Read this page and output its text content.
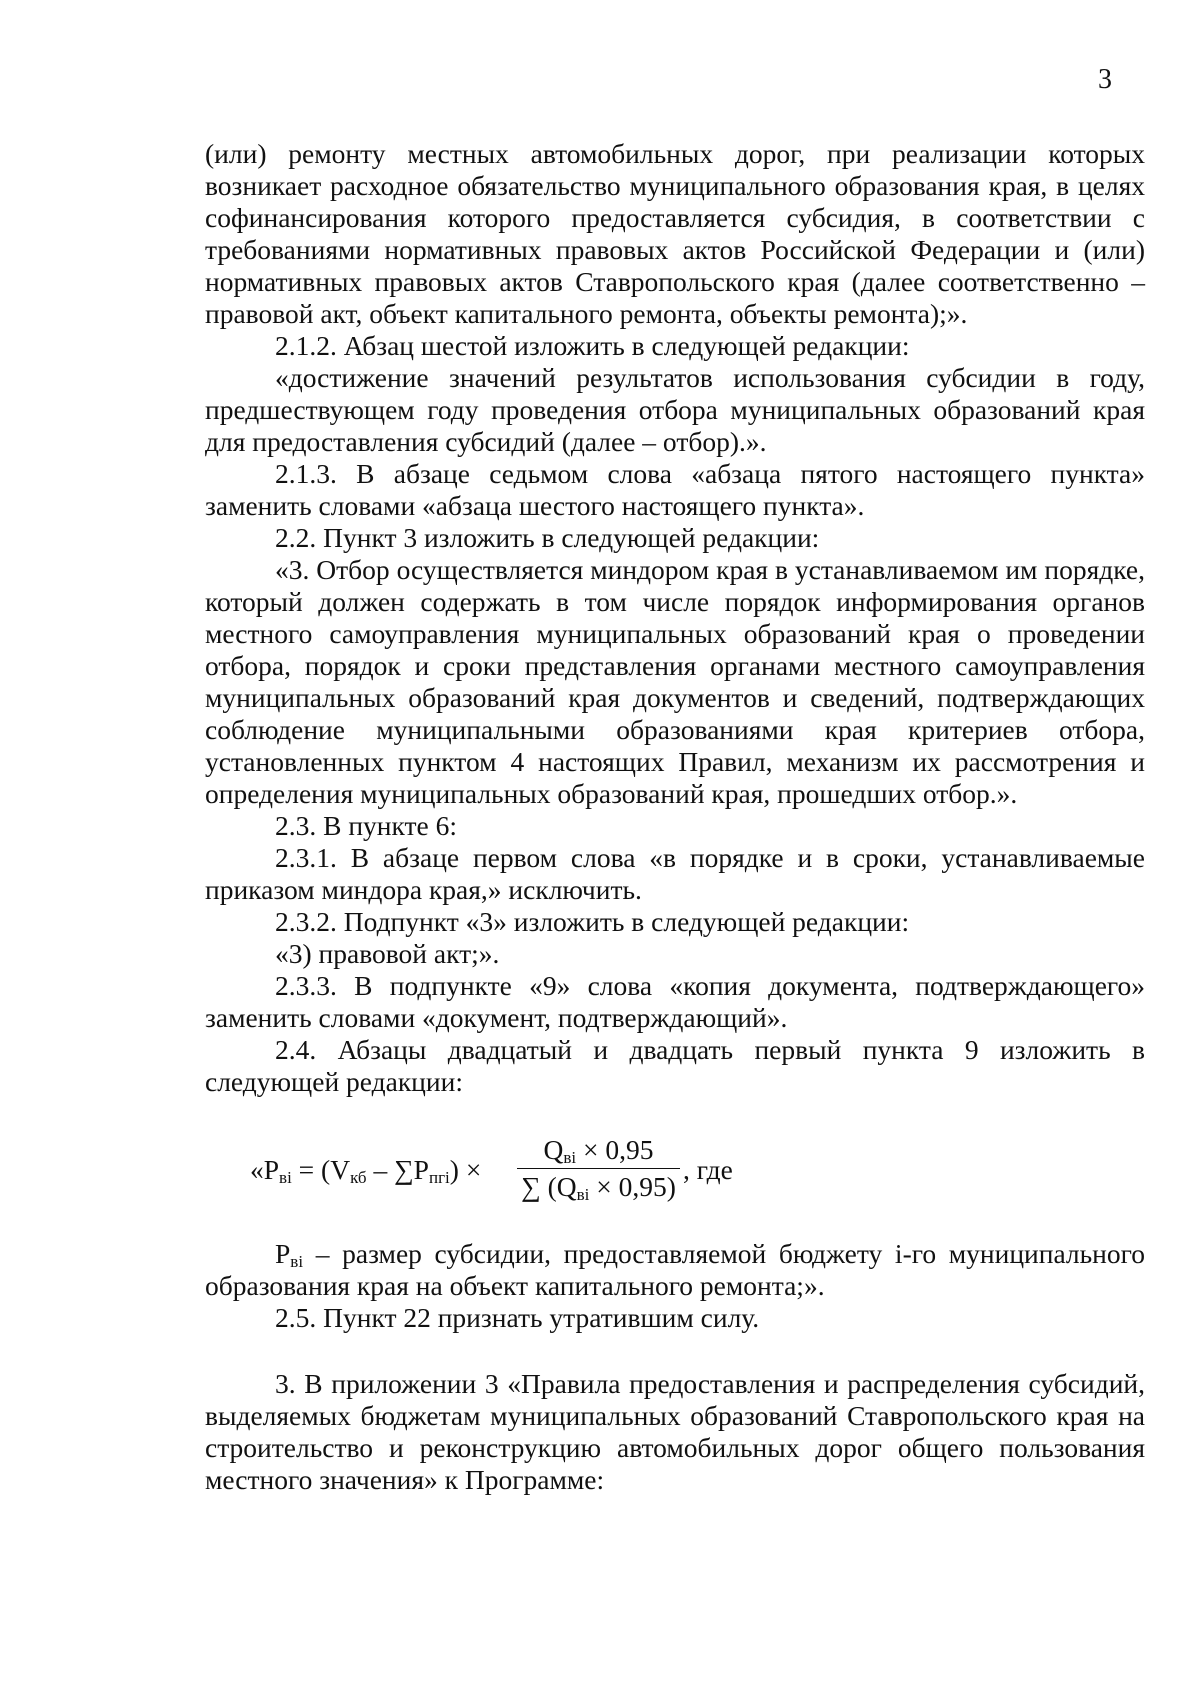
3

(или) ремонту местных автомобильных дорог, при реализации которых возникает расходное обязательство муниципального образования края, в целях софинансирования которого предоставляется субсидия, в соответствии с требованиями нормативных правовых актов Российской Федерации и (или) нормативных правовых актов Ставропольского края (далее соответственно – правовой акт, объект капитального ремонта, объекты ремонта);».

2.1.2. Абзац шестой изложить в следующей редакции:

«достижение значений результатов использования субсидии в году, предшествующем году проведения отбора муниципальных образований края для предоставления субсидий (далее – отбор).».

2.1.3. В абзаце седьмом слова «абзаца пятого настоящего пункта» заменить словами «абзаца шестого настоящего пункта».

2.2. Пункт 3 изложить в следующей редакции:

«3. Отбор осуществляется миндором края в устанавливаемом им порядке, который должен содержать в том числе порядок информирования органов местного самоуправления муниципальных образований края о проведении отбора, порядок и сроки представления органами местного самоуправления муниципальных образований края документов и сведений, подтверждающих соблюдение муниципальными образованиями края критериев отбора, установленных пунктом 4 настоящих Правил, механизм их рассмотрения и определения муниципальных образований края, прошедших отбор.».

2.3. В пункте 6:

2.3.1. В абзаце первом слова «в порядке и в сроки, устанавливаемые приказом миндора края,» исключить.

2.3.2. Подпункт «3» изложить в следующей редакции:

«3) правовой акт;».

2.3.3. В подпункте «9» слова «копия документа, подтверждающего» заменить словами «документ, подтверждающий».

2.4. Абзацы двадцатый и двадцать первый пункта 9 изложить в следующей редакции:

«$P_{вi} = (V_{кб} - \sum P_{пгi})$ ×
$Q_{вi} \times 0,95$
∑ $(Q_{вi} \times 0,95)$
, где

$P_{вi}$ – размер субсидии, предоставляемой бюджету i-го муниципального образования края на объект капитального ремонта;».

2.5. Пункт 22 признать утратившим силу.

3. В приложении 3 «Правила предоставления и распределения субсидий, выделяемых бюджетам муниципальных образований Ставропольского края на строительство и реконструкцию автомобильных дорог общего пользования местного значения» к Программе:
